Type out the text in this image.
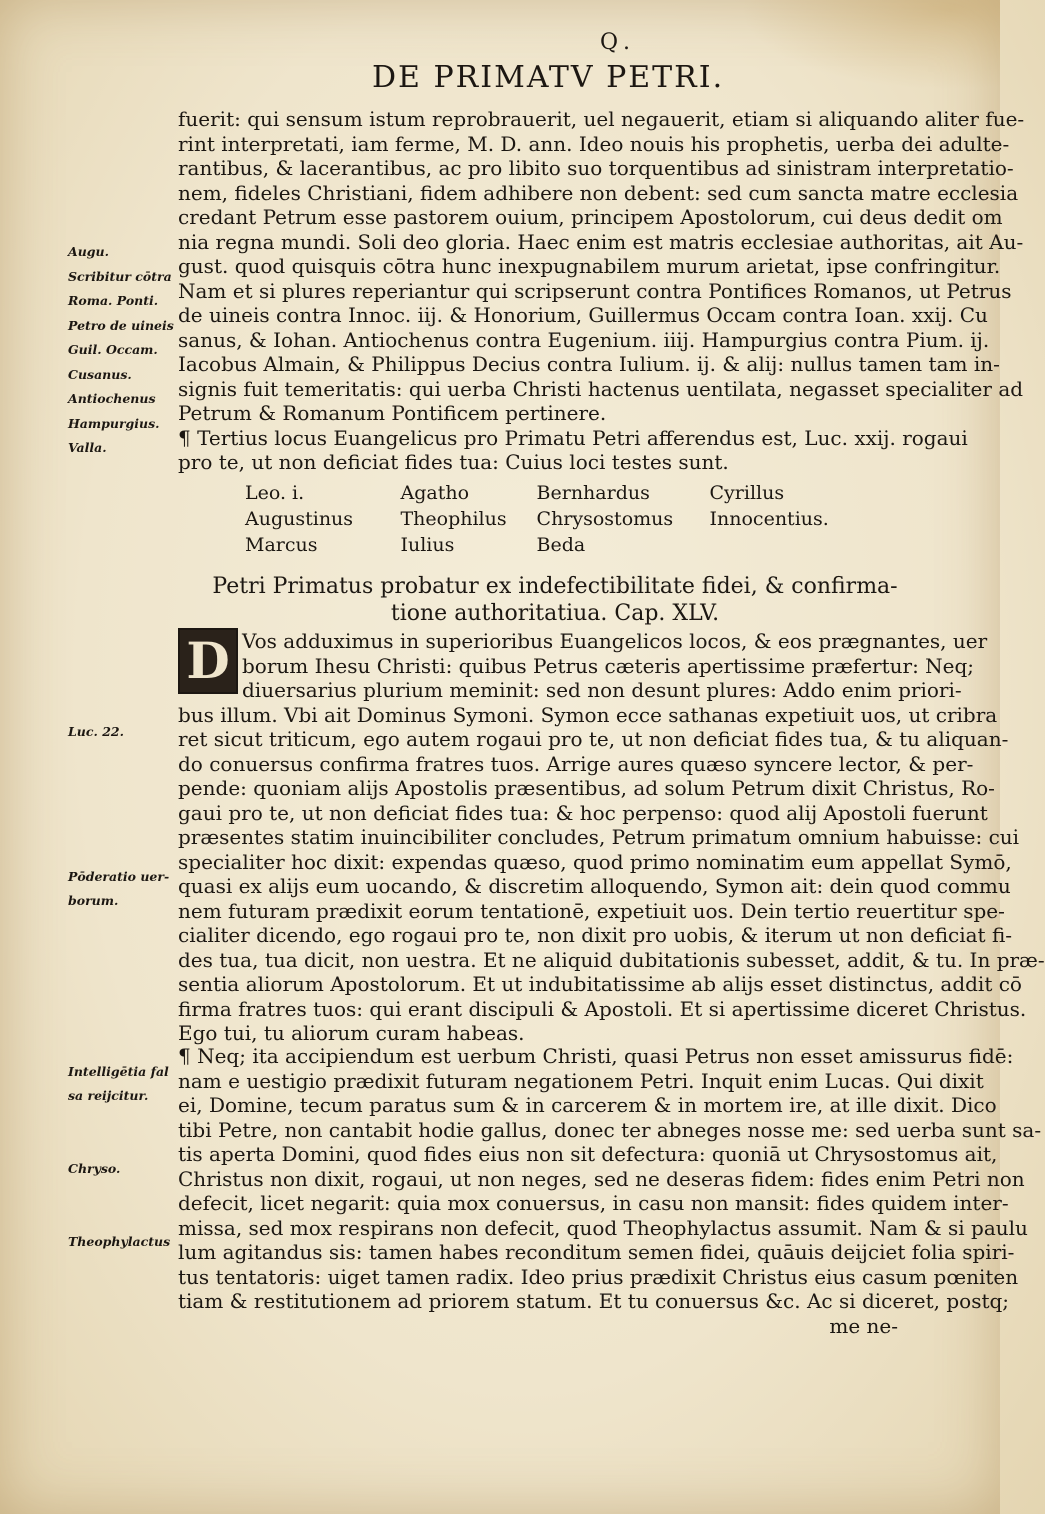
Q.
DE PRIMATV PETRI.
Augu.
Scribitur cōtra
Roma. Ponti.
Petro de uineis
Guil. Occam.
Cusanus.
Antiochenus
Hampurgius.
Valla.
fuerit: qui sensum istum reprobrauerit, uel negauerit, etiam si aliquando aliter fue-
rint interpretati, iam ferme, M. D. ann. Ideo nouis his prophetis, uerba dei adulte-
rantibus, & lacerantibus, ac pro libito suo torquentibus ad sinistram interpretatio-
nem, fideles Christiani, fidem adhibere non debent: sed cum sancta matre ecclesia
credant Petrum esse pastorem ouium, principem Apostolorum, cui deus dedit om
nia regna mundi. Soli deo gloria. Haec enim est matris ecclesiae authoritas, ait Au-
gust. quod quisquis cōtra hunc inexpugnabilem murum arietat, ipse confringitur.
Nam et si plures reperiantur qui scripserunt contra Pontifices Romanos, ut Petrus
de uineis contra Innoc. iij. & Honorium, Guillermus Occam contra Ioan. xxij. Cu
sanus, & Iohan. Antiochenus contra Eugenium. iiij. Hampurgius contra Pium. ij.
Iacobus Almain, & Philippus Decius contra Iulium. ij. & alij: nullus tamen tam in-
signis fuit temeritatis: qui uerba Christi hactenus uentilata, negasset specialiter ad
Petrum & Romanum Pontificem pertinere.
¶ Tertius locus Euangelicus pro Primatu Petri afferendus est, Luc. xxij. rogaui
pro te, ut non deficiat fides tua: Cuius loci testes sunt.
Leo. i.	Agatho	Bernhardus	Cyrillus
Augustinus	Theophilus	Chrysostomus	Innocentius.
Marcus	Iulius	Beda
Petri Primatus probatur ex indefectibilitate fidei, & confirma-
tione authoritatiua. Cap. XLV.
D
Luc. 22.
Pōderatio uer-
borum.
Vos adduximus in superioribus Euangelicos locos, & eos prægnantes, uer
borum Ihesu Christi: quibus Petrus cæteris apertissime præfertur: Neq;
diuersarius plurium meminit: sed non desunt plures: Addo enim priori-
bus illum. Vbi ait Dominus Symoni. Symon ecce sathanas expetiuit uos, ut cribra
ret sicut triticum, ego autem rogaui pro te, ut non deficiat fides tua, & tu aliquan-
do conuersus confirma fratres tuos. Arrige aures quæso syncere lector, & per-
pende: quoniam alijs Apostolis præsentibus, ad solum Petrum dixit Christus, Ro-
gaui pro te, ut non deficiat fides tua: & hoc perpenso: quod alij Apostoli fuerunt
præsentes statim inuincibiliter concludes, Petrum primatum omnium habuisse: cui
specialiter hoc dixit: expendas quæso, quod primo nominatim eum appellat Symō,
quasi ex alijs eum uocando, & discretim alloquendo, Symon ait: dein quod commu
nem futuram prædixit eorum tentationē, expetiuit uos. Dein tertio reuertitur spe-
cialiter dicendo, ego rogaui pro te, non dixit pro uobis, & iterum ut non deficiat fi-
des tua, tua dicit, non uestra. Et ne aliquid dubitationis subesset, addit, & tu. In præ-
sentia aliorum Apostolorum. Et ut indubitatissime ab alijs esset distinctus, addit cō
firma fratres tuos: qui erant discipuli & Apostoli. Et si apertissime diceret Christus.
Ego tui, tu aliorum curam habeas.
Intelligētia fal
sa reijcitur.
Chryso.
Theophylactus
¶ Neq; ita accipiendum est uerbum Christi, quasi Petrus non esset amissurus fidē:
nam e uestigio prædixit futuram negationem Petri. Inquit enim Lucas. Qui dixit
ei, Domine, tecum paratus sum & in carcerem & in mortem ire, at ille dixit. Dico
tibi Petre, non cantabit hodie gallus, donec ter abneges nosse me: sed uerba sunt sa-
tis aperta Domini, quod fides eius non sit defectura: quoniā ut Chrysostomus ait,
Christus non dixit, rogaui, ut non neges, sed ne deseras fidem: fides enim Petri non
defecit, licet negarit: quia mox conuersus, in casu non mansit: fides quidem inter-
missa, sed mox respirans non defecit, quod Theophylactus assumit. Nam & si paulu
lum agitandus sis: tamen habes reconditum semen fidei, quāuis deijciet folia spiri-
tus tentatoris: uiget tamen radix. Ideo prius prædixit Christus eius casum pœniten
tiam & restitutionem ad priorem statum. Et tu conuersus &c. Ac si diceret, postq;
me ne-
